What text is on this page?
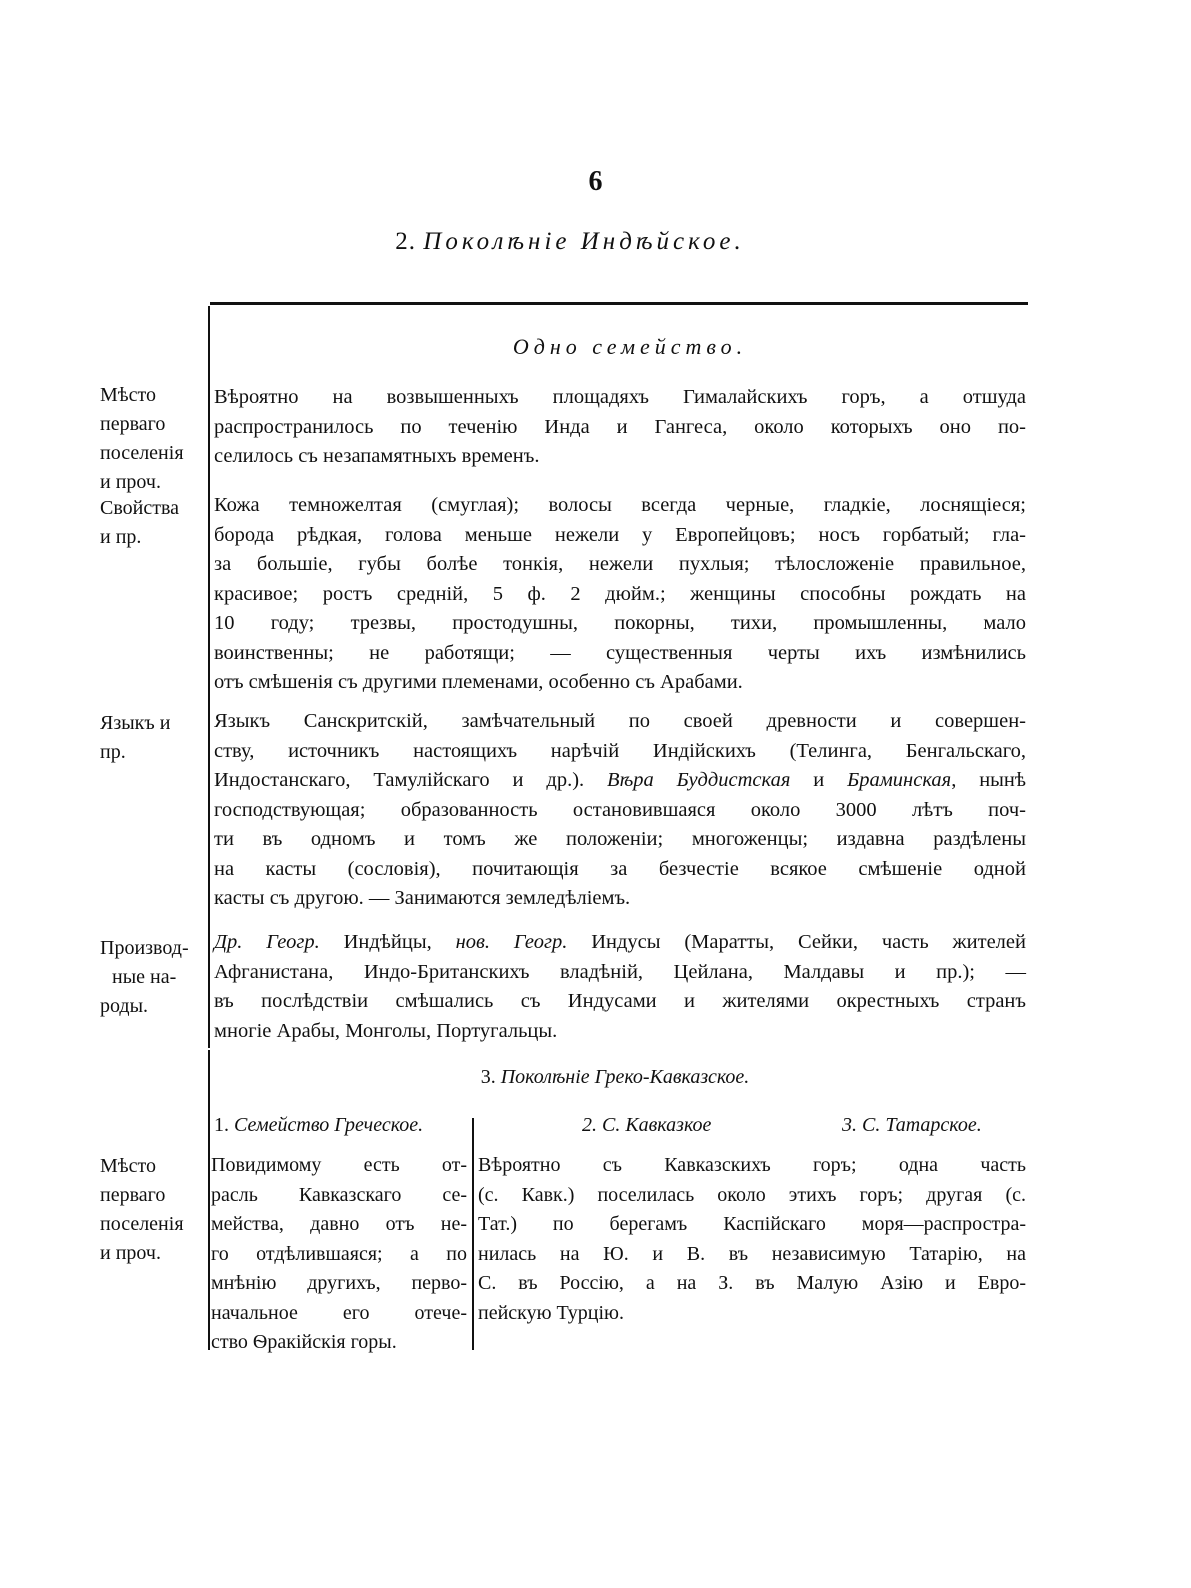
6
2. Поколѣніе Индѣйское.
Одно семейство.
Мѣсто
перваго
поселенія
и проч.
Вѣроятно на возвышенныхъ площадяхъ Гималайскихъ горъ, а отшуда
распространилось по теченію Инда и Гангеса, около которыхъ оно по-
селилось съ незапамятныхъ временъ.
Свойства
и пр.
Кожа темножелтая (смуглая); волосы всегда черные, гладкіе, лоснящіеся;
борода рѣдкая, голова меньше нежели у Европейцовъ; носъ горбатый; гла-
за большіе, губы болѣе тонкія, нежели пухлыя; тѣлосложеніе правильное,
красивое; ростъ средній, 5 ф. 2 дюйм.; женщины способны рождать на
10 году; трезвы, простодушны, покорны, тихи, промышленны, мало
воинственны; не работящи; — существенныя черты ихъ измѣнились
отъ смѣшенія съ другими племенами, особенно съ Арабами.
Языкъ и
пр.
Языкъ Санскритскій, замѣчательный по своей древности и совершен-
ству, источникъ настоящихъ нарѣчій Индійскихъ (Телинга, Бенгальскаго,
Индостанскаго, Тамулійскаго и др.). Вѣра Буддистская и Браминская, нынѣ
господствующая; образованность остановившаяся около 3000 лѣтъ поч-
ти въ одномъ и томъ же положеніи; многоженцы; издавна раздѣлены
на касты (сословія), почитающія за безчестіе всякое смѣшеніе одной
касты съ другою. — Занимаются земледѣліемъ.
Производ-
ные на-
роды.
Др. Геогр. Индѣйцы, нов. Геогр. Индусы (Маратты, Сейки, часть жителей
Афганистана, Индо-Британскихъ владѣній, Цейлана, Малдавы и пр.); —
въ послѣдствіи смѣшались съ Индусами и жителями окрестныхъ странъ
многіе Арабы, Монголы, Португальцы.
3. Поколѣніе Греко-Кавказское.
1. Семейство Греческое.	2. С. Кавказкое	3. С. Татарское.
Мѣсто
перваго
поселенія
и проч.
Повидимому есть от-
расль Кавказскаго се-
мейства, давно отъ не-
го отдѣлившаяся; а по
мнѣнію другихъ, перво-
начальное его отече-
ство Ѳракійскія горы.
Вѣроятно съ Кавказскихъ горъ; одна часть
(с. Кавк.) поселилась около этихъ горъ; другая (с.
Тат.) по берегамъ Каспійскаго моря—распростра-
нилась на Ю. и В. въ независимую Татарію, на
С. въ Россію, а на З. въ Малую Азію и Евро-
пейскую Турцію.
